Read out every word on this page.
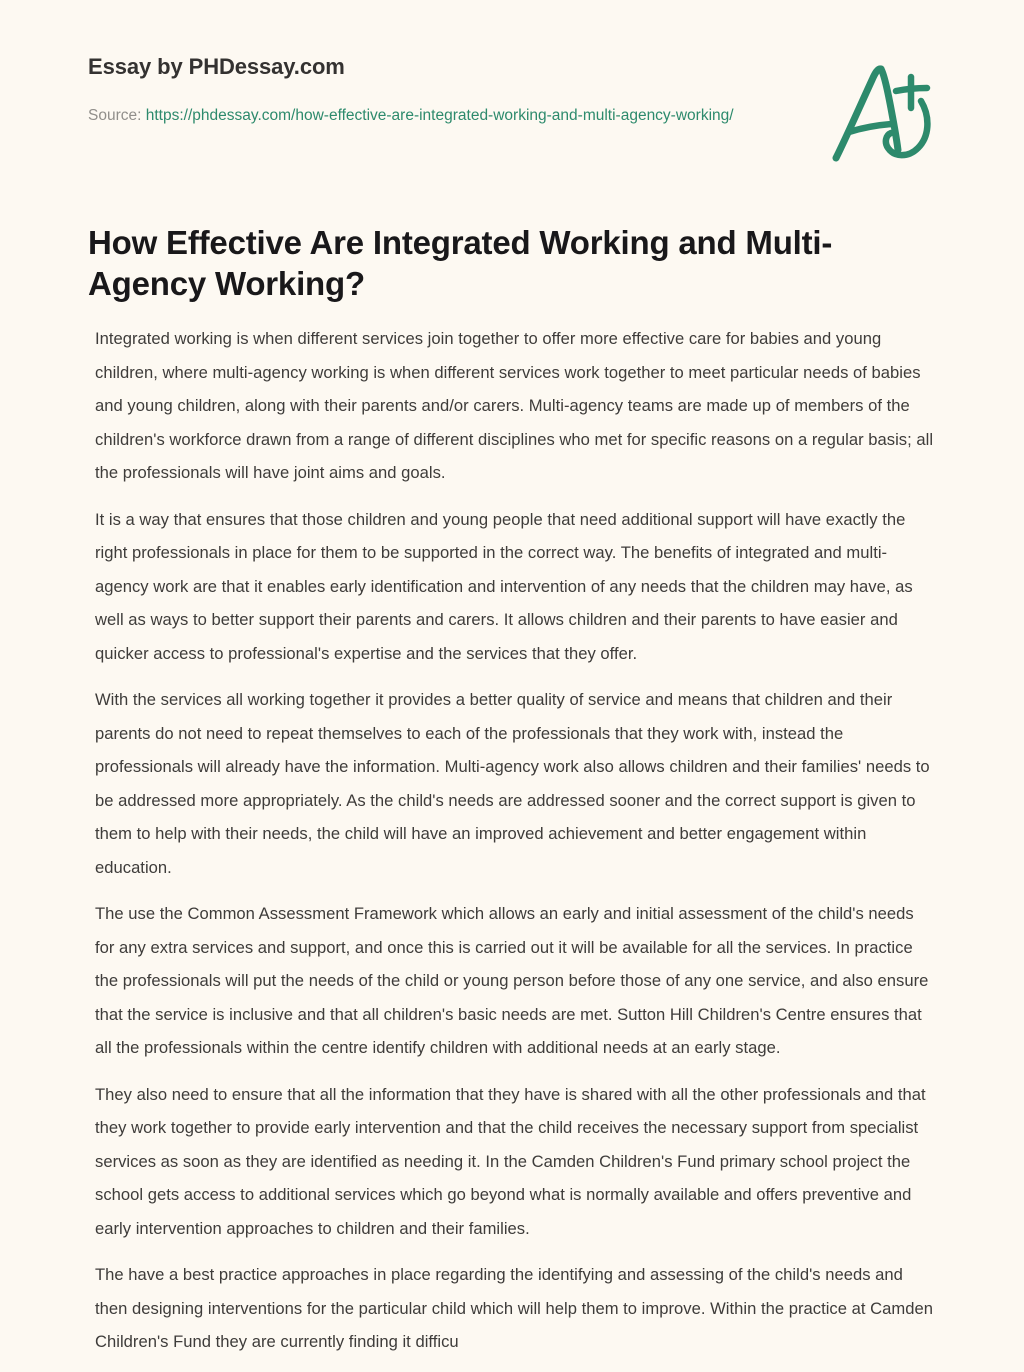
Essay by PHDessay.com
Source: https://phdessay.com/how-effective-are-integrated-working-and-multi-agency-working/
How Effective Are Integrated Working and Multi-Agency Working?

Integrated working is when different services join together to offer more effective care for babies and young children, where multi-agency working is when different services work together to meet particular needs of babies and young children, along with their parents and/or carers. Multi-agency teams are made up of members of the children's workforce drawn from a range of different disciplines who met for specific reasons on a regular basis; all the professionals will have joint aims and goals.

It is a way that ensures that those children and young people that need additional support will have exactly the right professionals in place for them to be supported in the correct way. The benefits of integrated and multi-agency work are that it enables early identification and intervention of any needs that the children may have, as well as ways to better support their parents and carers. It allows children and their parents to have easier and quicker access to professional's expertise and the services that they offer.

With the services all working together it provides a better quality of service and means that children and their parents do not need to repeat themselves to each of the professionals that they work with, instead the professionals will already have the information. Multi-agency work also allows children and their families' needs to be addressed more appropriately. As the child's needs are addressed sooner and the correct support is given to them to help with their needs, the child will have an improved achievement and better engagement within education.

The use the Common Assessment Framework which allows an early and initial assessment of the child's needs for any extra services and support, and once this is carried out it will be available for all the services. In practice the professionals will put the needs of the child or young person before those of any one service, and also ensure that the service is inclusive and that all children's basic needs are met. Sutton Hill Children's Centre ensures that all the professionals within the centre identify children with additional needs at an early stage.

They also need to ensure that all the information that they have is shared with all the other professionals and that they work together to provide early intervention and that the child receives the necessary support from specialist services as soon as they are identified as needing it. In the Camden Children's Fund primary school project the school gets access to additional services which go beyond what is normally available and offers preventive and early intervention approaches to children and their families.

The have a best practice approaches in place regarding the identifying and assessing of the child's needs and then designing interventions for the particular child which will help them to improve. Within the practice at Camden Children's Fund they are currently finding it difficu
